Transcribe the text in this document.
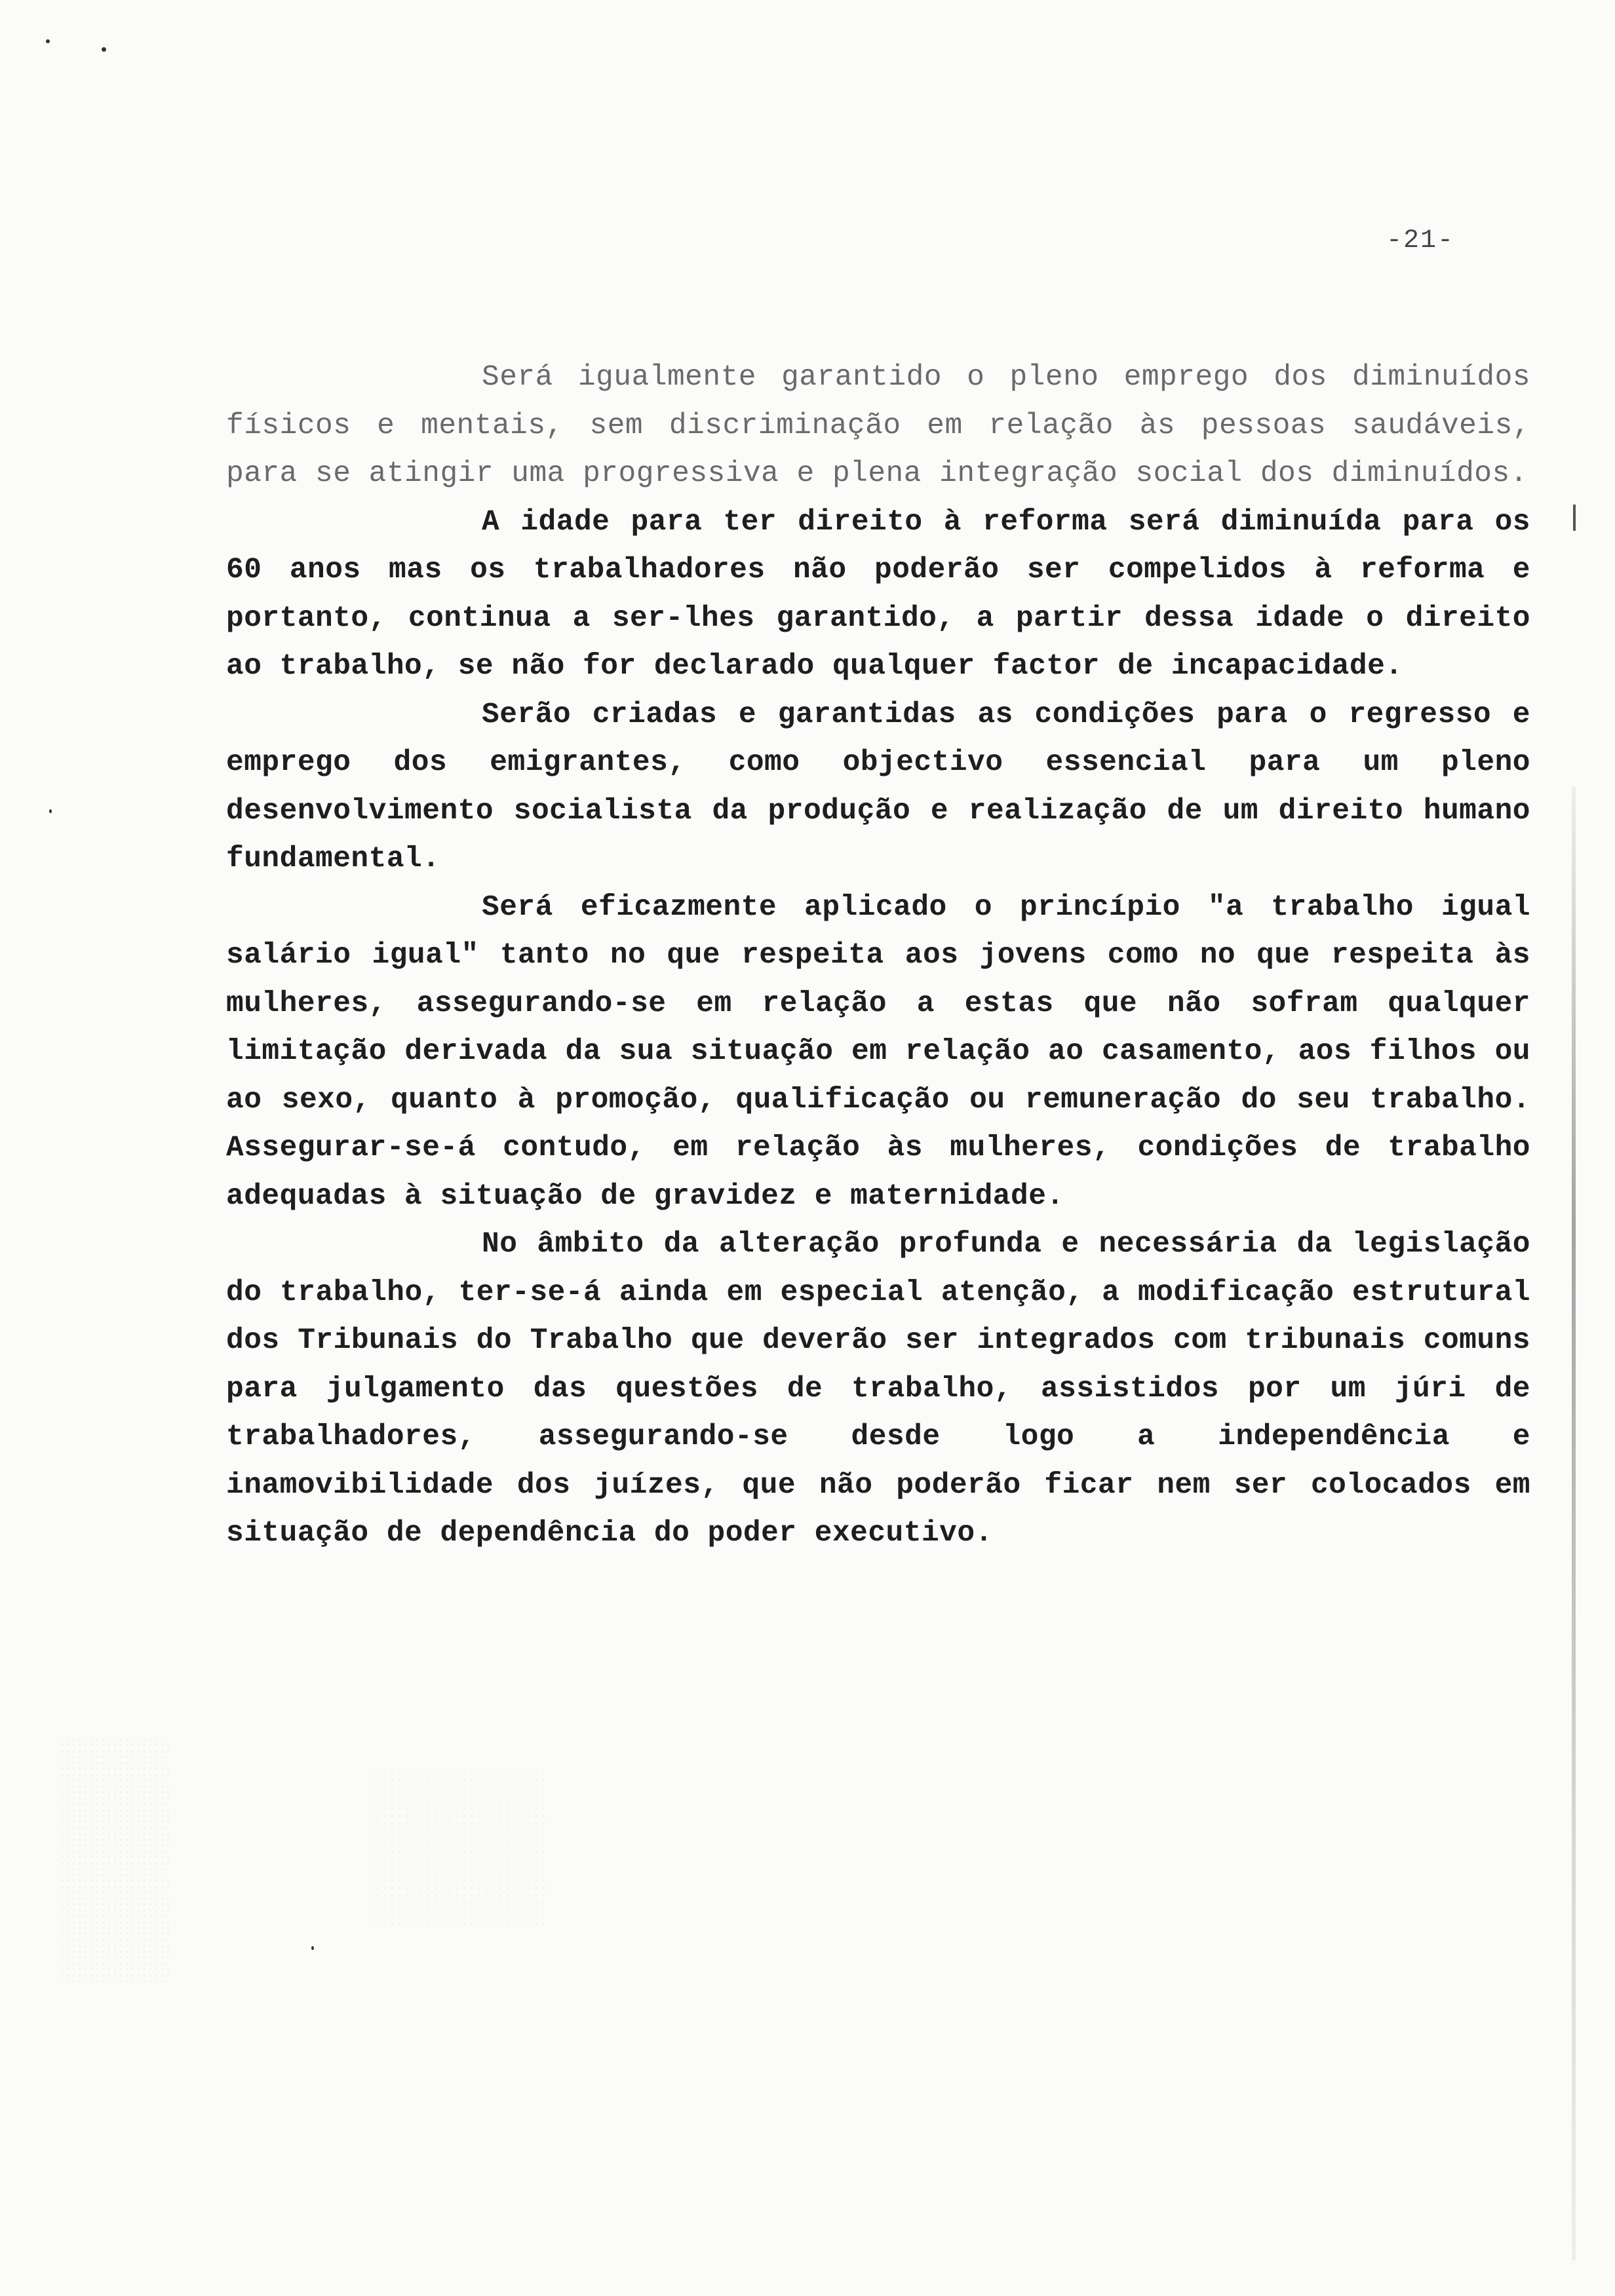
-21-

Será igualmente garantido o pleno emprego dos diminuídos físicos e mentais, sem discriminação em relação às pessoas saudáveis, para se atingir uma progressiva e plena integração social dos diminuídos.

A idade para ter direito à reforma será diminuída para os 60 anos mas os trabalhadores não poderão ser compelidos à reforma e portanto, continua a ser-lhes garantido, a partir dessa idade o direito ao trabalho, se não for declarado qualquer factor de incapacidade.

Serão criadas e garantidas as condições para o regresso e emprego dos emigrantes, como objectivo essencial para um pleno desenvolvimento socialista da produção e realização de um direito humano fundamental.

Será eficazmente aplicado o princípio "a trabalho igual salário igual" tanto no que respeita aos jovens como no que respeita às mulheres, assegurando-se em relação a estas que não sofram qualquer limitação derivada da sua situação em relação ao casamento, aos filhos ou ao sexo, quanto à promoção, qualificação ou remuneração do seu trabalho. Assegurar-se-á contudo, em relação às mulheres, condições de trabalho adequadas à situação de gravidez e maternidade.

No âmbito da alteração profunda e necessária da legislação do trabalho, ter-se-á ainda em especial atenção, a modificação estrutural dos Tribunais do Trabalho que deverão ser integrados com tribunais comuns para julgamento das questões de trabalho, assistidos por um júri de trabalhadores, assegurando-se desde logo a independência e inamovibilidade dos juízes, que não poderão ficar nem ser colocados em situação de dependência do poder executivo.
